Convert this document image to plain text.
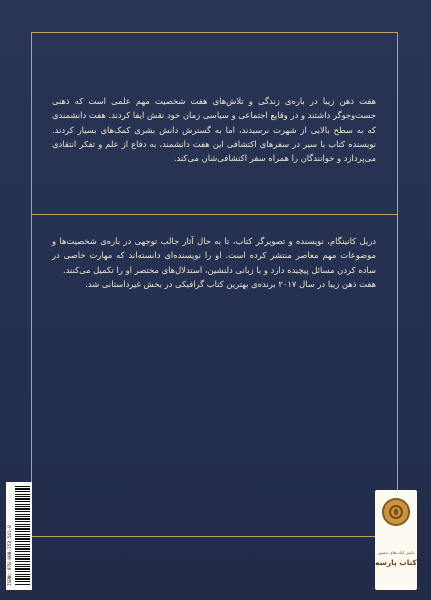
هفت ذهن زیبا در باره‌ی زندگی و تلاش‌های هفت شخصیت مهم علمی است که ذهنی جست‌وجوگر داشتند و در وقایع اجتماعی و سیاسی زمان خود نقش ایفا کردند. هفت دانشمندی که به سطح بالایی از شهرت نرسیدند، اما به گسترش دانش بشری کمک‌های بسیار کردند. نویسنده کتاب با سیر در سفرهای اکتشافی این هفت دانشمند، به دفاع از علم و تفکر انتقادی می‌پردازد و خوانندگان را همراه سفر اکتشافی‌شان می‌کند.

دریل کانینگام، نویسنده و تصویرگر کتاب، تا به حال آثار جالب توجهی در باره‌ی شخصیت‌ها و موضوعات مهم معاصر منتشر کرده است. او را نویسنده‌ای دانسته‌اند که مهارت خاصی در ساده کردن مسائل پیچیده دارد و با زبانی دلنشین، استدلال‌های مختصر او را تکمیل می‌کنند.

هفت ذهن زیبا در سال ۲۰۱۷ برنده‌ی بهترین کتاب گرافیکی در بخش غیرداستانی شد.

ISBN: 978-600-253-541-8	ناشر کتاب‌های مصور
کتاب پارسه
